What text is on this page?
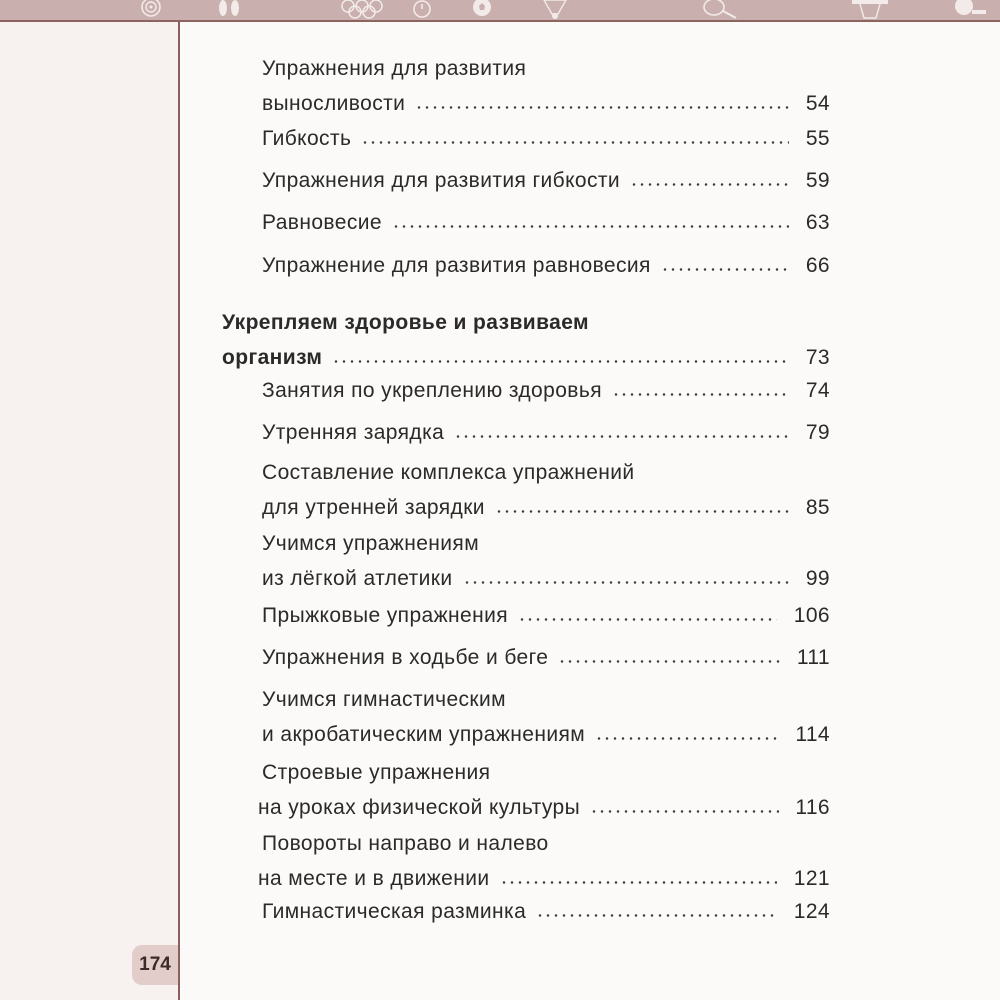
174
Упражнения для развития
выносливости	54
Гибкость	55
Упражнения для развития гибкости	59
Равновесие	63
Упражнение для развития равновесия	66
Укрепляем здоровье и развиваем
организм	73
Занятия по укреплению здоровья	74
Утренняя зарядка	79
Составление комплекса упражнений
для утренней зарядки	85
Учимся упражнениям
из лёгкой атлетики	99
Прыжковые упражнения	106
Упражнения в ходьбе и беге	111
Учимся гимнастическим
и акробатическим упражнениям	114
Строевые упражнения
на уроках физической культуры	116
Повороты направо и налево
на месте и в движении	121
Гимнастическая разминка	124
